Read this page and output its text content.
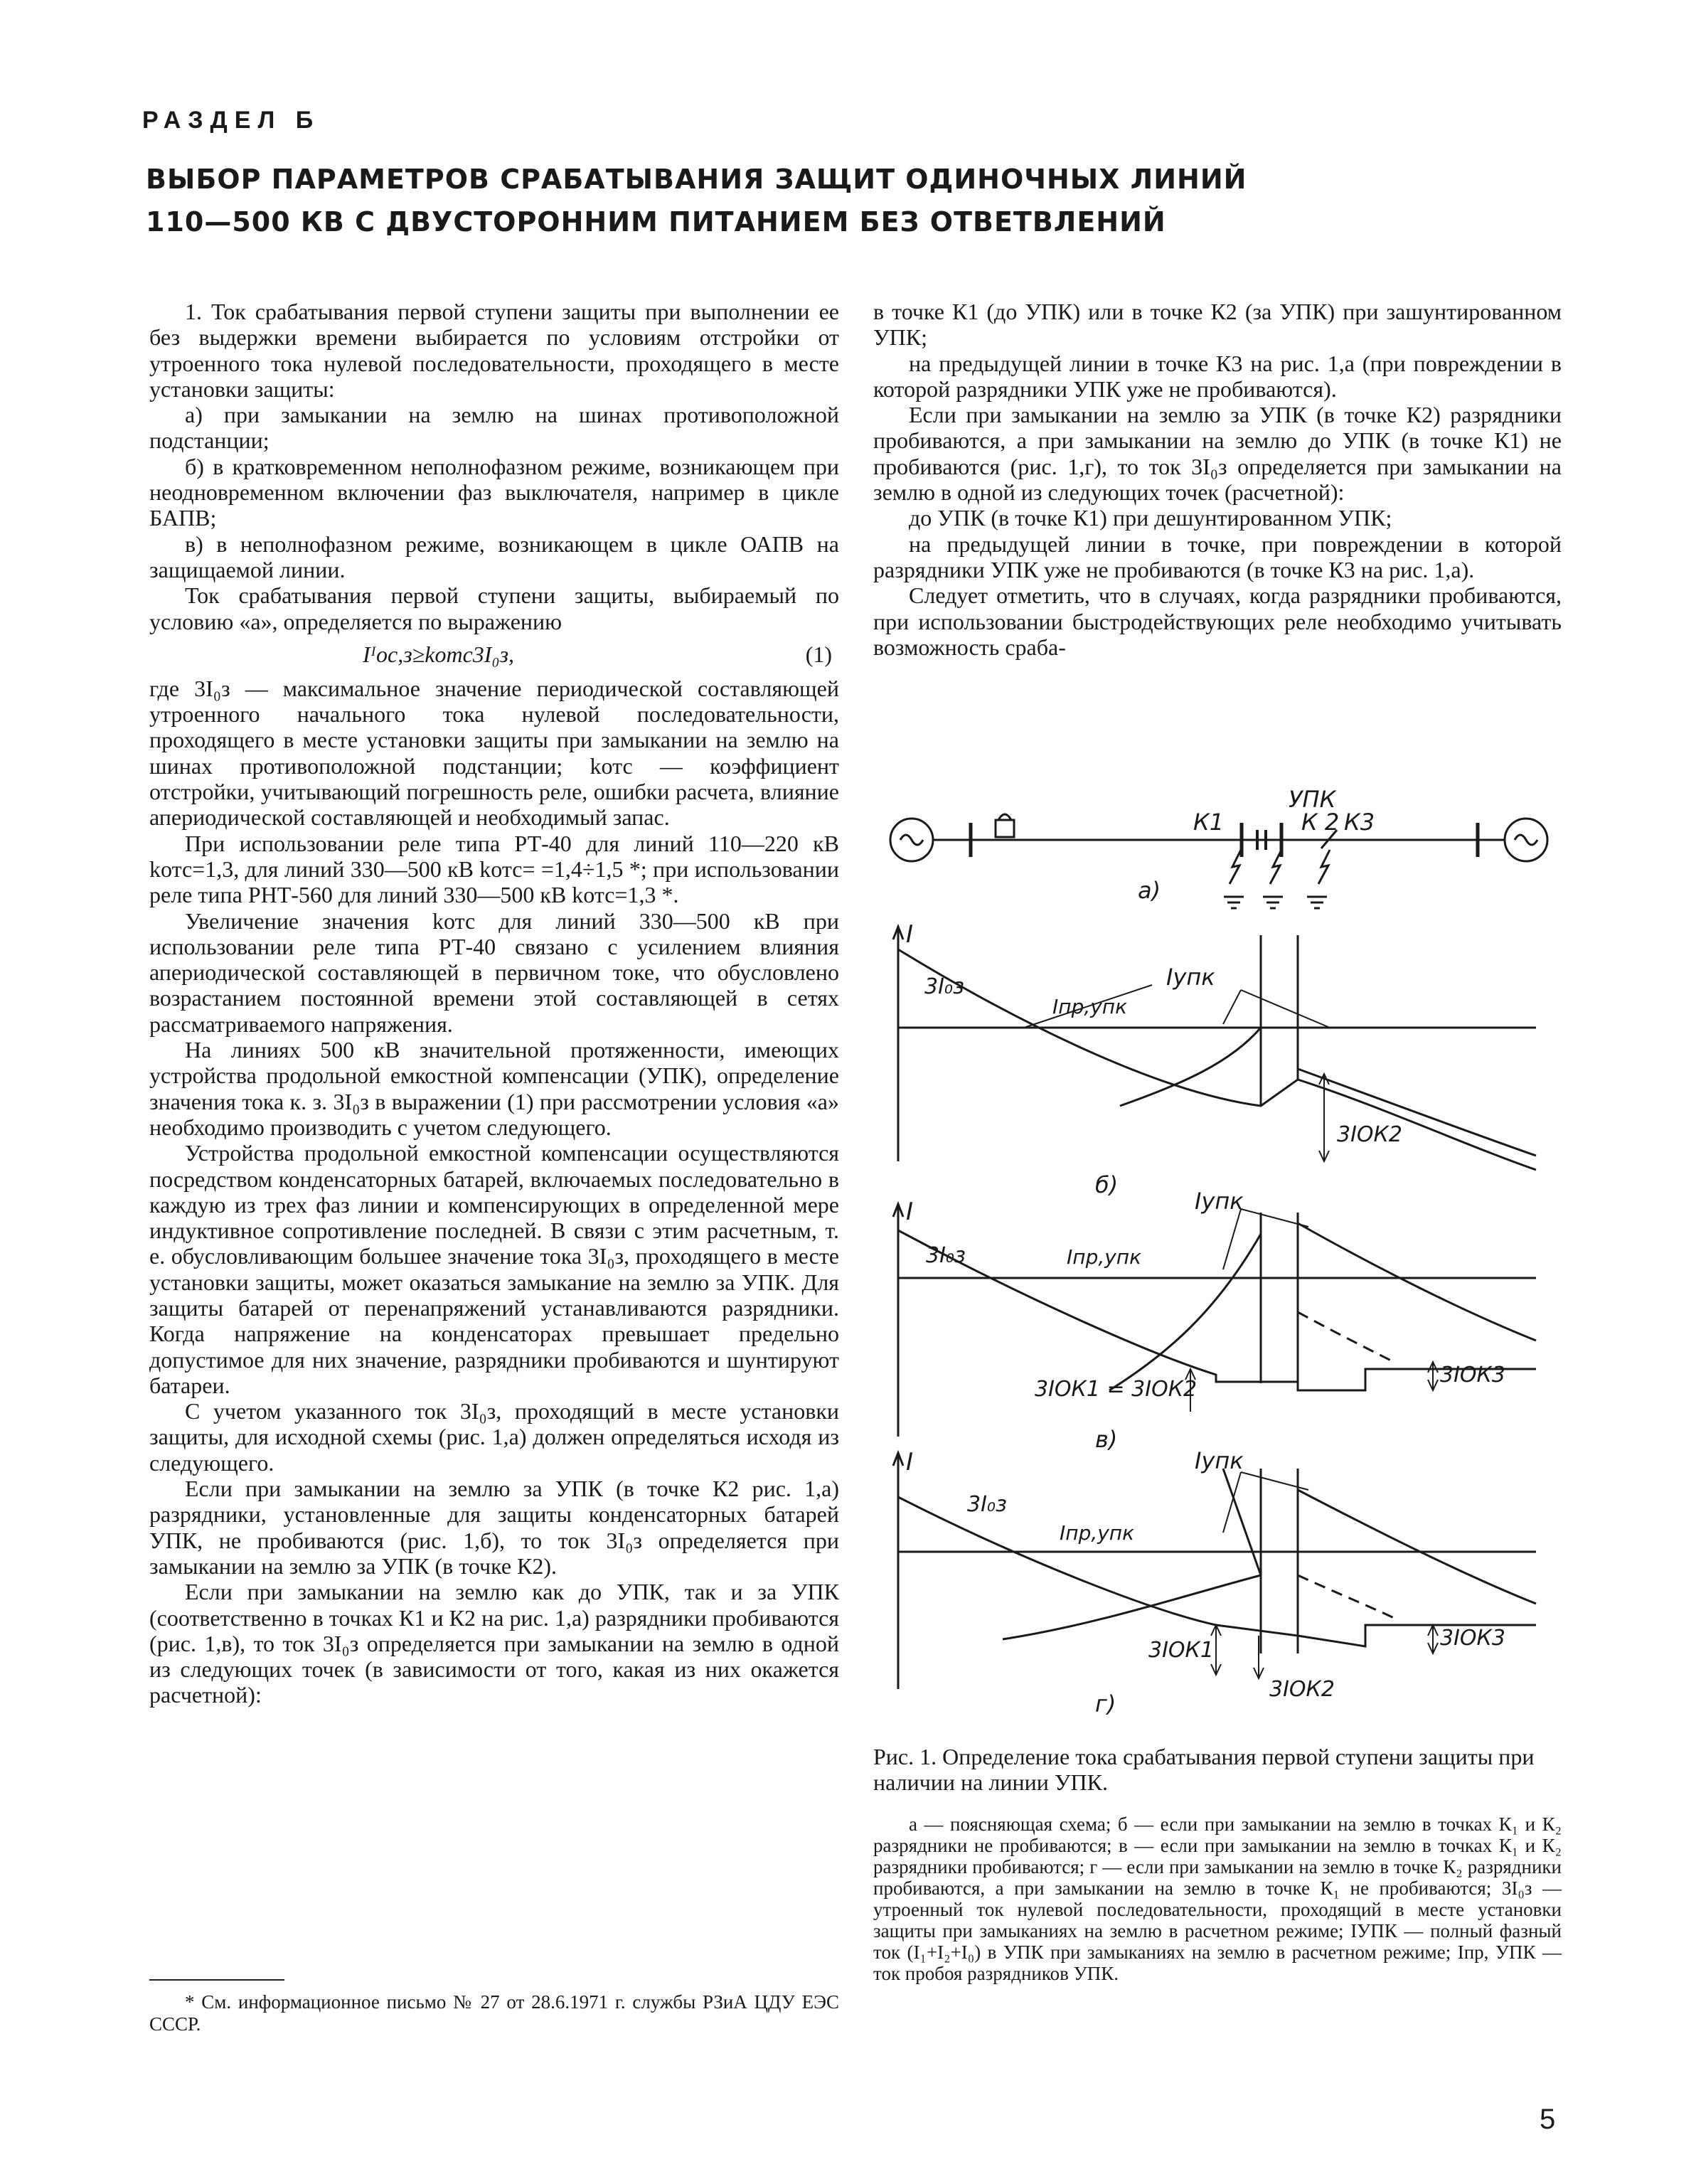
РАЗДЕЛ Б
ВЫБОР ПАРАМЕТРОВ СРАБАТЫВАНИЯ ЗАЩИТ ОДИНОЧНЫХ ЛИНИЙ
110—500 КВ С ДВУСТОРОННИМ ПИТАНИЕМ БЕЗ ОТВЕТВЛЕНИЙ

1. Ток срабатывания первой ступени защиты при выполнении ее без выдержки времени выбирается по условиям отстройки от утроенного тока нулевой последовательности, проходящего в месте установки защиты:

а) при замыкании на землю на шинах противоположной подстанции;

б) в кратковременном неполнофазном режиме, возникающем при неодновременном включении фаз выключателя, например в цикле БАПВ;

в) в неполнофазном режиме, возникающем в цикле ОАПВ на защищаемой линии.

Ток срабатывания первой ступени защиты, выбираемый по условию «а», определяется по выражению

Iᴵос,з≥kотс3I₀з,	(1)

где 3I₀з — максимальное значение периодической составляющей утроенного начального тока нулевой последовательности, проходящего в месте установки защиты при замыкании на землю на шинах противоположной подстанции; kотс — коэффициент отстройки, учитывающий погрешность реле, ошибки расчета, влияние апериодической составляющей и необходимый запас.

При использовании реле типа РТ-40 для линий 110—220 кВ kотс=1,3, для линий 330—500 кВ kотс= =1,4÷1,5 *; при использовании реле типа РНТ-560 для линий 330—500 кВ kотс=1,3 *.

Увеличение значения kотс для линий 330—500 кВ при использовании реле типа РТ-40 связано с усилением влияния апериодической составляющей в первичном токе, что обусловлено возрастанием постоянной времени этой составляющей в сетях рассматриваемого напряжения.

На линиях 500 кВ значительной протяженности, имеющих устройства продольной емкостной компенсации (УПК), определение значения тока к. з. 3I₀з в выражении (1) при рассмотрении условия «а» необходимо производить с учетом следующего.

Устройства продольной емкостной компенсации осуществляются посредством конденсаторных батарей, включаемых последовательно в каждую из трех фаз линии и компенсирующих в определенной мере индуктивное сопротивление последней. В связи с этим расчетным, т. е. обусловливающим большее значение тока 3I₀з, проходящего в месте установки защиты, может оказаться замыкание на землю за УПК. Для защиты батарей от перенапряжений устанавливаются разрядники. Когда напряжение на конденсаторах превышает предельно допустимое для них значение, разрядники пробиваются и шунтируют батареи.

С учетом указанного ток 3I₀з, проходящий в месте установки защиты, для исходной схемы (рис. 1,а) должен определяться исходя из следующего.

Если при замыкании на землю за УПК (в точке К2 рис. 1,а) разрядники, установленные для защиты конденсаторных батарей УПК, не пробиваются (рис. 1,б), то ток 3I₀з определяется при замыкании на землю за УПК (в точке К2).

Если при замыкании на землю как до УПК, так и за УПК (соответственно в точках К1 и К2 на рис. 1,а) разрядники пробиваются (рис. 1,в), то ток 3I₀з определяется при замыкании на землю в одной из следующих точек (в зависимости от того, какая из них окажется расчетной):

* См. информационное письмо № 27 от 28.6.1971 г. службы РЗиА ЦДУ ЕЭС СССР.

в точке К1 (до УПК) или в точке К2 (за УПК) при зашунтированном УПК;

на предыдущей линии в точке К3 на рис. 1,а (при повреждении в которой разрядники УПК уже не пробиваются).

Если при замыкании на землю за УПК (в точке К2) разрядники пробиваются, а при замыкании на землю до УПК (в точке К1) не пробиваются (рис. 1,г), то ток 3I₀з определяется при замыкании на землю в одной из следующих точек (расчетной):

до УПК (в точке К1) при дешунтированном УПК;

на предыдущей линии в точке, при повреждении в которой разрядники УПК уже не пробиваются (в точке К3 на рис. 1,а).

Следует отметить, что в случаях, когда разрядники пробиваются, при использовании быстродействующих реле необходимо учитывать возможность сраба-

УПК
К1	К 2 К3
а)
I
3I₀з
Iпр,упк
Iупк
3IОК2
б)
I
3I₀з	Iпр,упк
Iупк
3IОК1 = 3IОК2
3IОК3
в)
I
3I₀з
Iпр,упк
Iупк
3IОК1
3IОК2
3IОК3
г)

Рис. 1. Определение тока срабатывания первой ступени защиты при наличии на линии УПК.

а — поясняющая схема; б — если при замыкании на землю в точках К₁ и К₂ разрядники не пробиваются; в — если при замыкании на землю в точках К₁ и К₂ разрядники пробиваются; г — если при замыкании на землю в точке К₂ разрядники пробиваются, а при замыкании на землю в точке К₁ не пробиваются; 3I₀з — утроенный ток нулевой последовательности, проходящий в месте установки защиты при замыканиях на землю в расчетном режиме; IУПК — полный фазный ток (I₁+I₂+I₀) в УПК при замыканиях на землю в расчетном режиме; Iпр, УПК — ток пробоя разрядников УПК.

5
